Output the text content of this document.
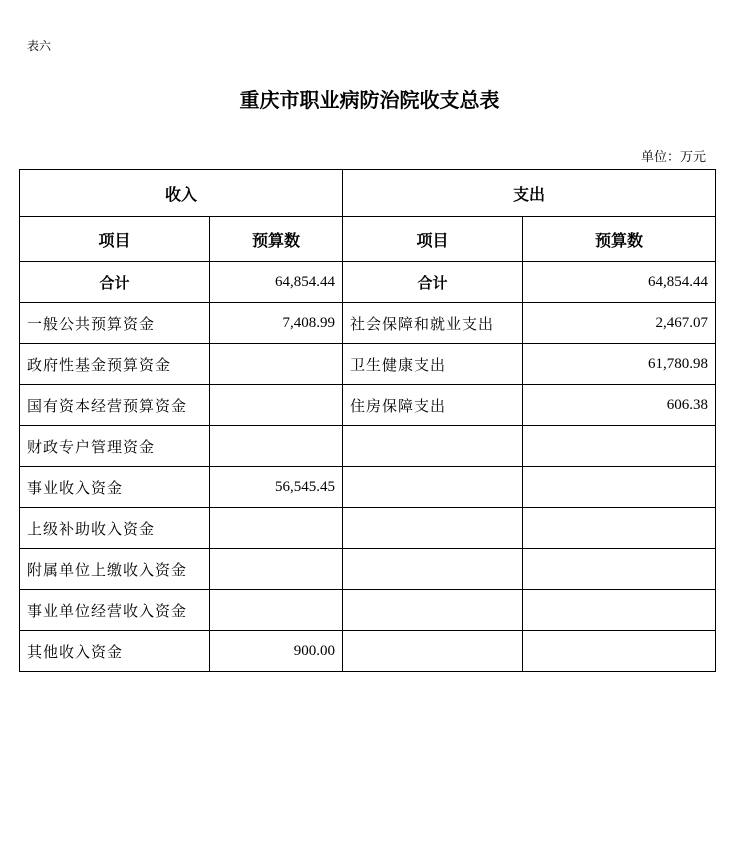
表六
重庆市职业病防治院收支总表
单位：万元
收入		支出	
项目	预算数	项目	预算数
合计	64,854.44	合计	64,854.44
一般公共预算资金	7,408.99	社会保障和就业支出	2,467.07
政府性基金预算资金		卫生健康支出	61,780.98
国有资本经营预算资金		住房保障支出	606.38
财政专户管理资金			
事业收入资金	56,545.45		
上级补助收入资金			
附属单位上缴收入资金			
事业单位经营收入资金			
其他收入资金	900.00		
